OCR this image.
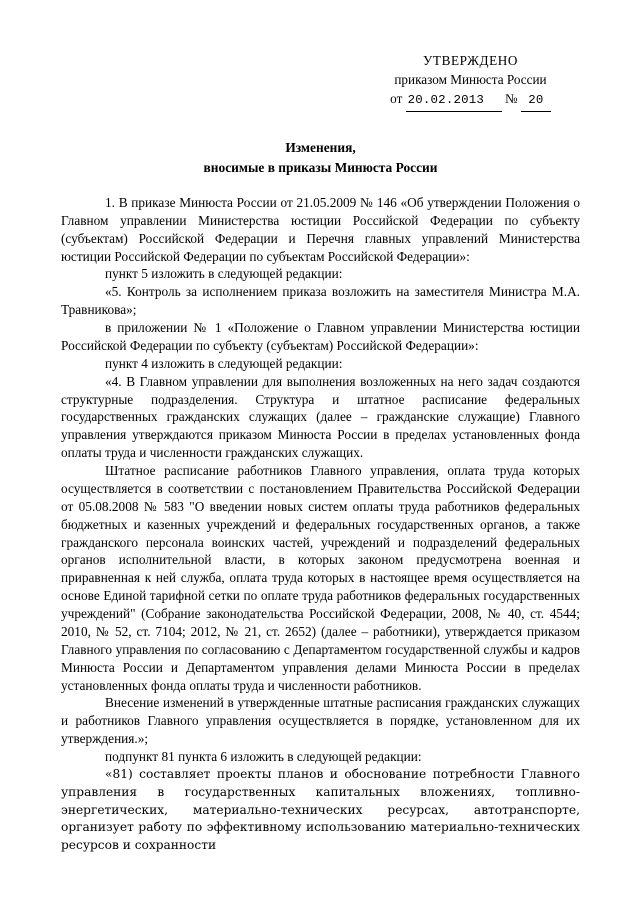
УТВЕРЖДЕНО
приказом Минюста России
от 20.02.2013 № 20
Изменения,
вносимые в приказы Минюста России

1. В приказе Минюста России от 21.05.2009 № 146 «Об утверждении Положения о Главном управлении Министерства юстиции Российской Федерации по субъекту (субъектам) Российской Федерации и Перечня главных управлений Министерства юстиции Российской Федерации по субъектам Российской Федерации»:

пункт 5 изложить в следующей редакции:

«5. Контроль за исполнением приказа возложить на заместителя Министра М.А. Травникова»;

в приложении № 1 «Положение о Главном управлении Министерства юстиции Российской Федерации по субъекту (субъектам) Российской Федерации»:

пункт 4 изложить в следующей редакции:

«4. В Главном управлении для выполнения возложенных на него задач создаются структурные подразделения. Структура и штатное расписание федеральных государственных гражданских служащих (далее – гражданские служащие) Главного управления утверждаются приказом Минюста России в пределах установленных фонда оплаты труда и численности гражданских служащих.

Штатное расписание работников Главного управления, оплата труда которых осуществляется в соответствии с постановлением Правительства Российской Федерации от 05.08.2008 № 583 "О введении новых систем оплаты труда работников федеральных бюджетных и казенных учреждений и федеральных государственных органов, а также гражданского персонала воинских частей, учреждений и подразделений федеральных органов исполнительной власти, в которых законом предусмотрена военная и приравненная к ней служба, оплата труда которых в настоящее время осуществляется на основе Единой тарифной сетки по оплате труда работников федеральных государственных учреждений" (Собрание законодательства Российской Федерации, 2008, № 40, ст. 4544; 2010, № 52, ст. 7104; 2012, № 21, ст. 2652) (далее – работники), утверждается приказом Главного управления по согласованию с Департаментом государственной службы и кадров Минюста России и Департаментом управления делами Минюста России в пределах установленных фонда оплаты труда и численности работников.

Внесение изменений в утвержденные штатные расписания гражданских служащих и работников Главного управления осуществляется в порядке, установленном для их утверждения.»;

подпункт 81 пункта 6 изложить в следующей редакции:

«81) составляет проекты планов и обоснование потребности Главного управления в государственных капитальных вложениях, топливно-энергетических, материально-технических ресурсах, автотранспорте, организует работу по эффективному использованию материально-технических ресурсов и сохранности
